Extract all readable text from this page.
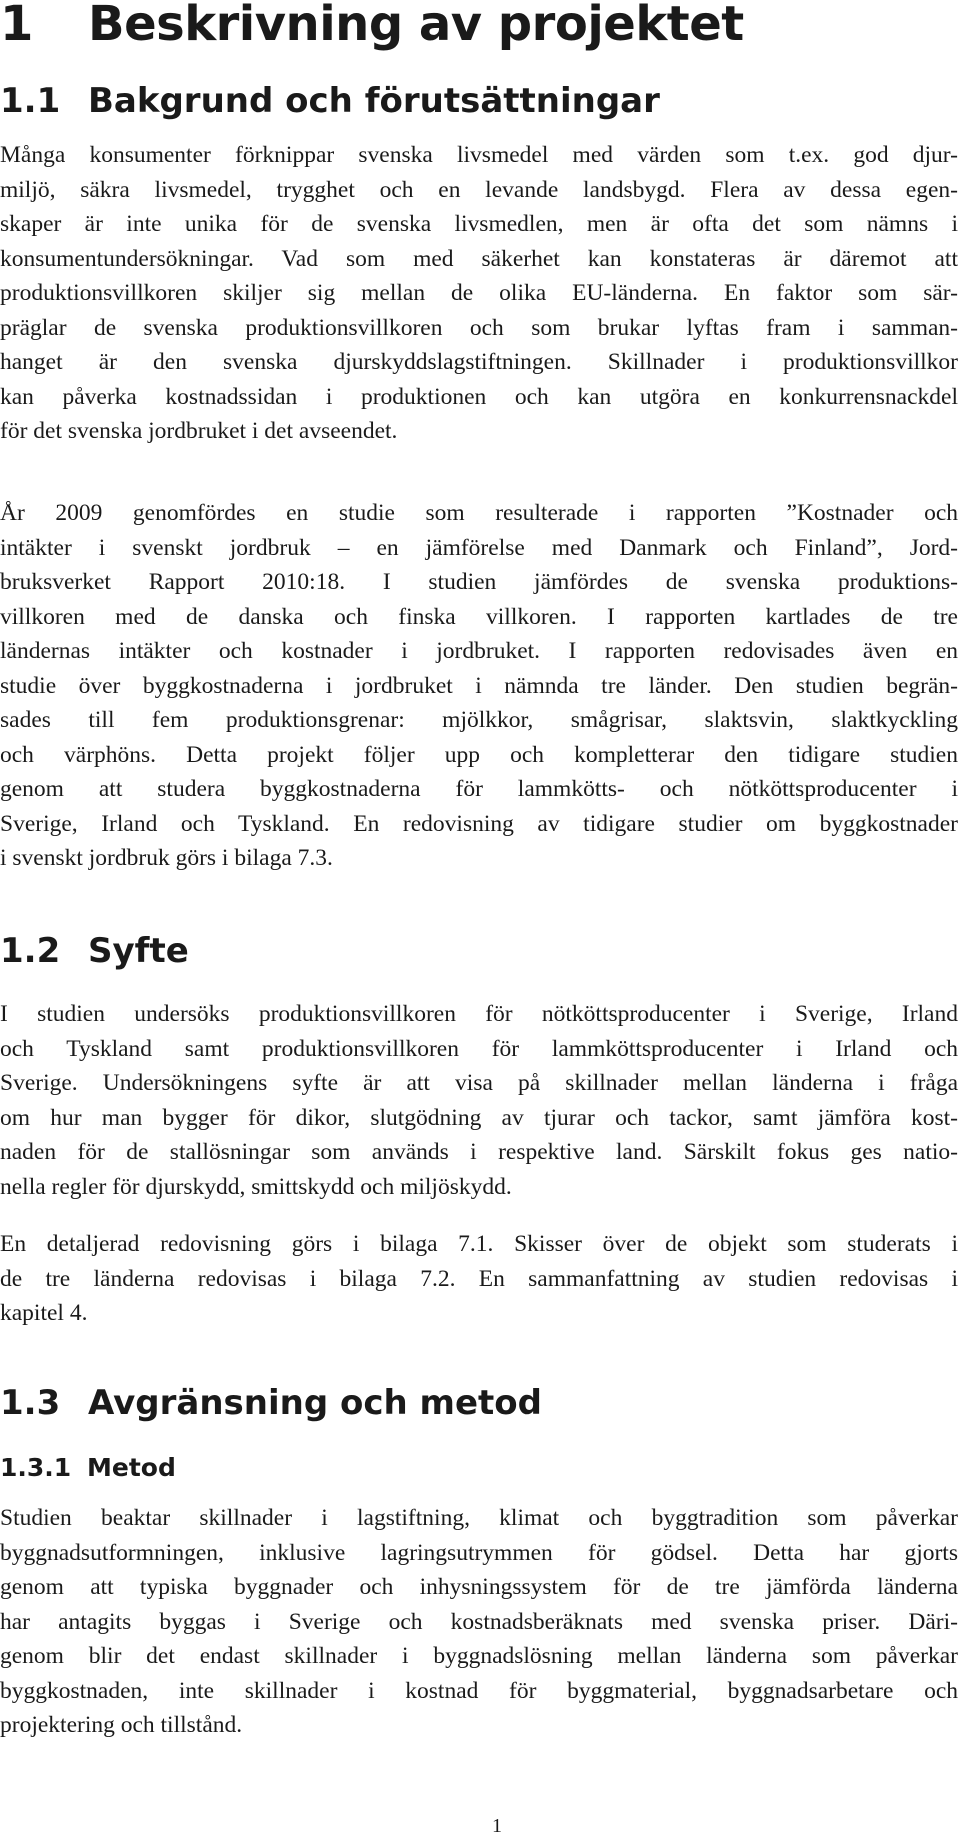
1 Beskrivning av projektet
1.1 Bakgrund och förutsättningar
Många konsumenter förknippar svenska livsmedel med värden som t.ex. god djur-
miljö, säkra livsmedel, trygghet och en levande landsbygd. Flera av dessa egen-
skaper är inte unika för de svenska livsmedlen, men är ofta det som nämns i
konsumentundersökningar. Vad som med säkerhet kan konstateras är däremot att
produktionsvillkoren skiljer sig mellan de olika EU-länderna. En faktor som sär-
präglar de svenska produktionsvillkoren och som brukar lyftas fram i samman-
hanget är den svenska djurskyddslagstiftningen. Skillnader i produktionsvillkor
kan påverka kostnadssidan i produktionen och kan utgöra en konkurrensnackdel
för det svenska jordbruket i det avseendet.
År 2009 genomfördes en studie som resulterade i rapporten ”Kostnader och
intäkter i svenskt jordbruk – en jämförelse med Danmark och Finland”, Jord-
bruksverket Rapport 2010:18. I studien jämfördes de svenska produktions-
villkoren med de danska och finska villkoren. I rapporten kartlades de tre
ländernas intäkter och kostnader i jordbruket. I rapporten redovisades även en
studie över byggkostnaderna i jordbruket i nämnda tre länder. Den studien begrän-
sades till fem produktionsgrenar: mjölkkor, smågrisar, slaktsvin, slaktkyckling
och värphöns. Detta projekt följer upp och kompletterar den tidigare studien
genom att studera byggkostnaderna för lammkötts- och nötköttsproducenter i
Sverige, Irland och Tyskland. En redovisning av tidigare studier om byggkostnader
i svenskt jordbruk görs i bilaga 7.3.
1.2 Syfte
I studien undersöks produktionsvillkoren för nötköttsproducenter i Sverige, Irland
och Tyskland samt produktionsvillkoren för lammköttsproducenter i Irland och
Sverige. Undersökningens syfte är att visa på skillnader mellan länderna i fråga
om hur man bygger för dikor, slutgödning av tjurar och tackor, samt jämföra kost-
naden för de stallösningar som används i respektive land. Särskilt fokus ges natio-
nella regler för djurskydd, smittskydd och miljöskydd.
En detaljerad redovisning görs i bilaga 7.1. Skisser över de objekt som studerats i
de tre länderna redovisas i bilaga 7.2. En sammanfattning av studien redovisas i
kapitel 4.
1.3 Avgränsning och metod
1.3.1 Metod
Studien beaktar skillnader i lagstiftning, klimat och byggtradition som påverkar
byggnadsutformningen, inklusive lagringsutrymmen för gödsel. Detta har gjorts
genom att typiska byggnader och inhysningssystem för de tre jämförda länderna
har antagits byggas i Sverige och kostnadsberäknats med svenska priser. Däri-
genom blir det endast skillnader i byggnadslösning mellan länderna som påverkar
byggkostnaden, inte skillnader i kostnad för byggmaterial, byggnadsarbetare och
projektering och tillstånd.
1
